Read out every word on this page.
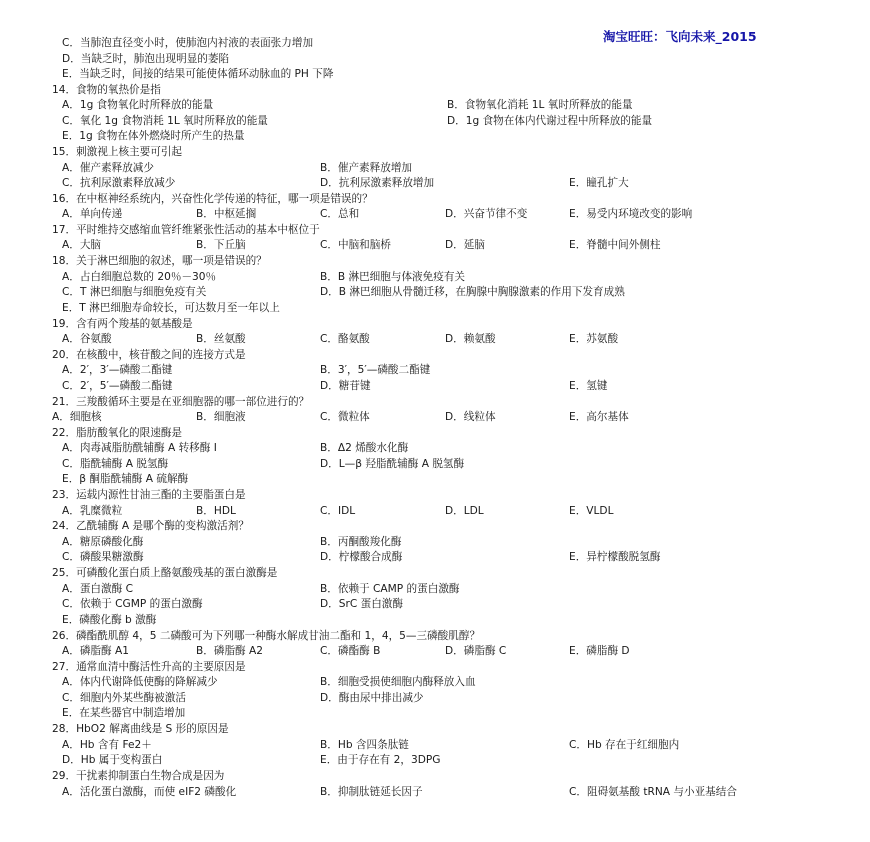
淘宝旺旺：飞向未来_2015
C．当肺泡直径变小时，使肺泡内衬液的表面张力增加
D．当缺乏时，肺泡出现明显的萎陷
E．当缺乏时，间接的结果可能使体循环动脉血的 PH 下降
14．食物的氧热价是指
A．1g 食物氧化时所释放的能量	B．食物氧化消耗 1L 氧时所释放的能量
C．氧化 1g 食物消耗 1L 氧时所释放的能量	D．1g 食物在体内代谢过程中所释放的能量
E．1g 食物在体外燃烧时所产生的热量
15．刺激视上核主要可引起
A．催产素释放减少	B．催产素释放增加
C．抗利尿激素释放减少	D．抗利尿激素释放增加	E．瞳孔扩大
16．在中枢神经系统内，兴奋性化学传递的特征，哪一项是错误的？
A．单向传递	B．中枢延搁	C．总和	D．兴奋节律不变	E．易受内环境改变的影响
17．平时维持交感缩血管纤维紧张性活动的基本中枢位于
A．大脑	B．下丘脑	C．中脑和脑桥	D．延脑	E．脊髓中间外侧柱
18．关于淋巴细胞的叙述，哪一项是错误的？
A．占白细胞总数的 20％－30％	B．B 淋巴细胞与体液免疫有关
C．T 淋巴细胞与细胞免疫有关	D．B 淋巴细胞从骨髓迁移，在胸腺中胸腺激素的作用下发育成熟
E．T 淋巴细胞寿命较长，可达数月至一年以上
19．含有两个羧基的氨基酸是
A．谷氨酸	B．丝氨酸	C．酪氨酸	D．赖氨酸	E．苏氨酸
20．在核酸中，核苷酸之间的连接方式是
A．2′，3′—磷酸二酯键	B．3′，5′—磷酸二酯键
C．2′，5′—磷酸二酯键	D．糖苷键	E．氢键
21．三羧酸循环主要是在亚细胞器的哪一部位进行的？
A．细胞核	B．细胞液	C．微粒体	D．线粒体	E．高尔基体
22．脂肪酸氧化的限速酶是
A．肉毒减脂肪酰辅酶 A 转移酶 I	B．Δ2 烯酸水化酶
C．脂酰辅酶 A 脱氢酶	D．L—β 羟脂酰辅酶 A 脱氢酶
E．β 酮脂酰辅酶 A 硫解酶
23．运载内源性甘油三酯的主要脂蛋白是
A．乳糜微粒	B．HDL	C．IDL	D．LDL	E．VLDL
24．乙酰辅酶 A 是哪个酶的变构激活剂？
A．糖原磷酸化酶	B．丙酮酸羧化酶
C．磷酸果糖激酶	D．柠檬酸合成酶	E．异柠檬酸脱氢酶
25．可磷酸化蛋白质上酪氨酸残基的蛋白激酶是
A．蛋白激酶 C	B．依赖于 CAMP 的蛋白激酶
C．依赖于 CGMP 的蛋白激酶	D．SrC 蛋白激酶
E．磷酸化酶 b 激酶
26．磷酯酰肌醇 4，5 二磷酸可为下列哪一种酶水解成甘油二酯和 1，4，5—三磷酸肌醇？
A．磷脂酶 A1	B．磷脂酶 A2	C．磷酯酶 B	D．磷脂酶 C	E．磷脂酶 D
27．通常血清中酶活性升高的主要原因是
A．体内代谢降低使酶的降解减少	B．细胞受损使细胞内酶释放入血
C．细胞内外某些酶被激活	D．酶由尿中排出减少
E．在某些器官中制造增加
28．HbO2 解离曲线是 S 形的原因是
A．Hb 含有 Fe2＋	B．Hb 含四条肽链	C．Hb 存在于红细胞内
D．Hb 属于变构蛋白	E．由于存在有 2，3DPG
29．干扰素抑制蛋白生物合成是因为
A．活化蛋白激酶，而使 eIF2 磷酸化	B．抑制肽链延长因子	C．阻碍氨基酸 tRNA 与小亚基结合
